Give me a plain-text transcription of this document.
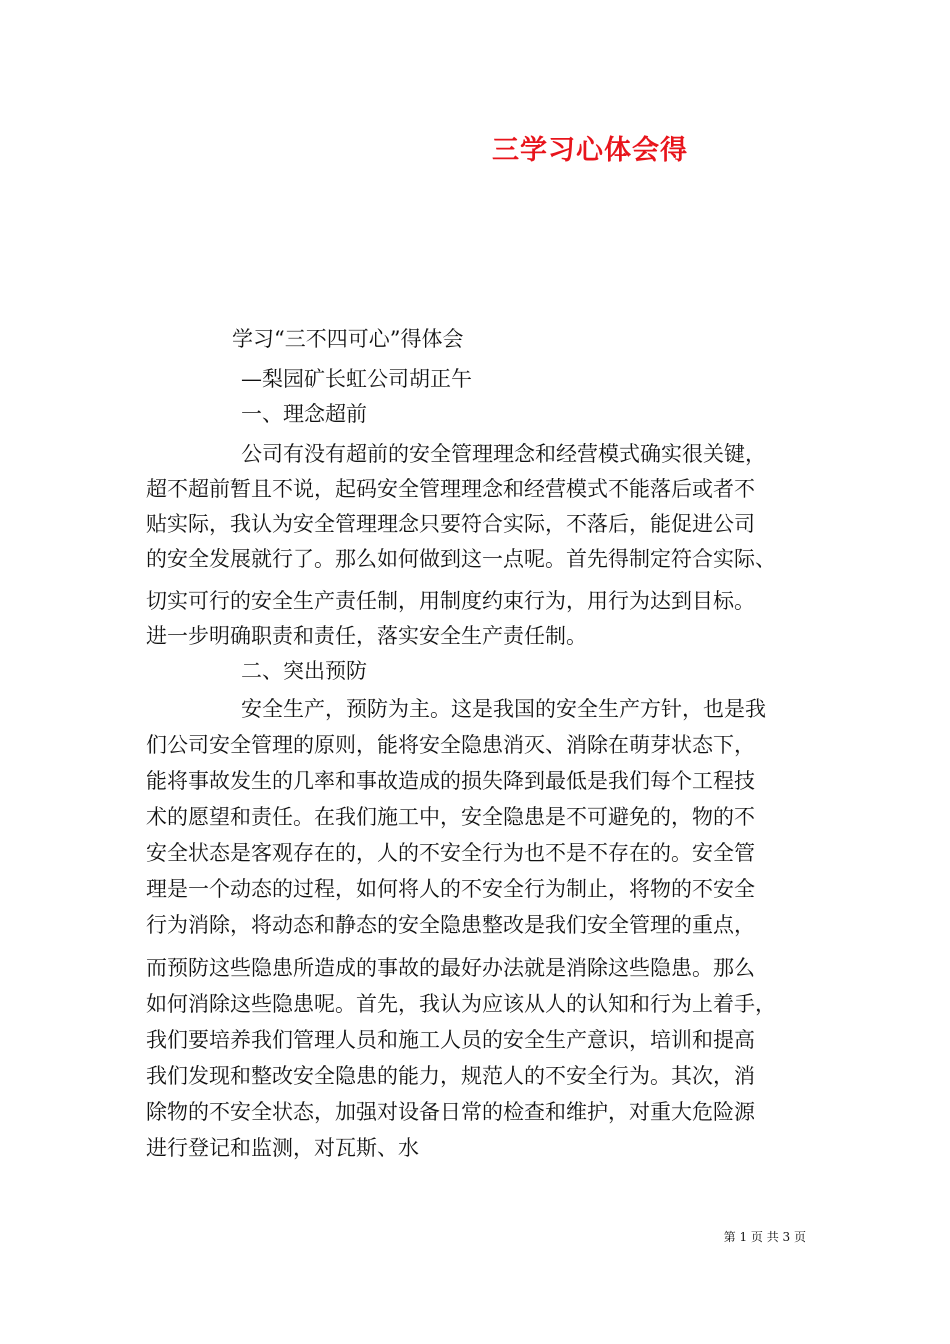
三学习心体会得
学习“三不四可心”得体会
—梨园矿长虹公司胡正午
一、理念超前
公司有没有超前的安全管理理念和经营模式确实很关键，
超不超前暂且不说，起码安全管理理念和经营模式不能落后或者不
贴实际，我认为安全管理理念只要符合实际，不落后，能促进公司
的安全发展就行了。那么如何做到这一点呢。首先得制定符合实际、
切实可行的安全生产责任制，用制度约束行为，用行为达到目标。
进一步明确职责和责任，落实安全生产责任制。
二、突出预防
安全生产，预防为主。这是我国的安全生产方针，也是我
们公司安全管理的原则，能将安全隐患消灭、消除在萌芽状态下，
能将事故发生的几率和事故造成的损失降到最低是我们每个工程技
术的愿望和责任。在我们施工中，安全隐患是不可避免的，物的不
安全状态是客观存在的，人的不安全行为也不是不存在的。安全管
理是一个动态的过程，如何将人的不安全行为制止，将物的不安全
行为消除，将动态和静态的安全隐患整改是我们安全管理的重点，
而预防这些隐患所造成的事故的最好办法就是消除这些隐患。那么
如何消除这些隐患呢。首先，我认为应该从人的认知和行为上着手，
我们要培养我们管理人员和施工人员的安全生产意识，培训和提高
我们发现和整改安全隐患的能力，规范人的不安全行为。其次，消
除物的不安全状态，加强对设备日常的检查和维护，对重大危险源
进行登记和监测，对瓦斯、水
第 1 页 共 3 页
